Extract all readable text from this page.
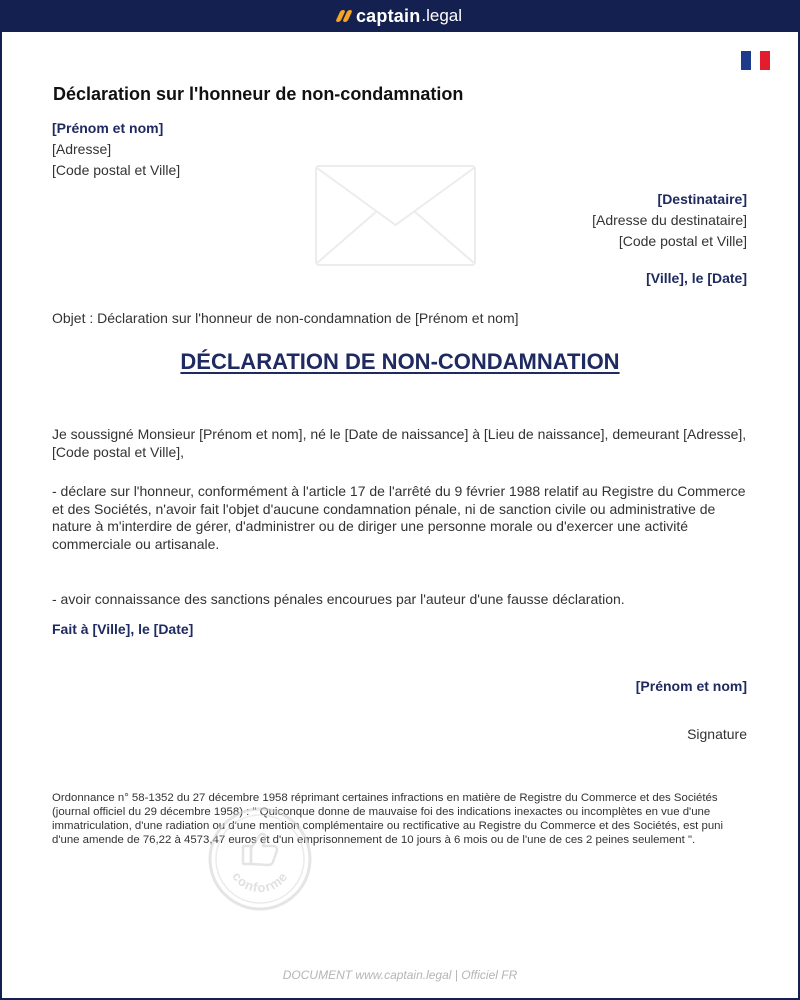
captain .legal
Déclaration sur l'honneur de non-condamnation
[Prénom et nom]
[Adresse]
[Code postal et Ville]
[Destinataire]
[Adresse du destinataire]
[Code postal et Ville]
[Ville], le [Date]
Objet : Déclaration sur l'honneur de non-condamnation de [Prénom et nom]
DÉCLARATION DE NON-CONDAMNATION
Je soussigné Monsieur [Prénom et nom], né le [Date de naissance] à [Lieu de naissance], demeurant [Adresse], [Code postal et Ville],
- déclare sur l'honneur, conformément à l'article 17 de l'arrêté du 9 février 1988 relatif au Registre du Commerce et des Sociétés, n'avoir fait l'objet d'aucune condamnation pénale, ni de sanction civile ou administrative de nature à m'interdire de gérer, d'administrer ou de diriger une personne morale ou d'exercer une activité commerciale ou artisanale.
- avoir connaissance des sanctions pénales encourues par l'auteur d'une fausse déclaration.
Fait à [Ville], le [Date]
[Prénom et nom]
Signature
Ordonnance n° 58-1352 du 27 décembre 1958 réprimant certaines infractions en matière de Registre du Commerce et des Sociétés (journal officiel du 29 décembre 1958) : " Quiconque donne de mauvaise foi des indications inexactes ou incomplètes en vue d'une immatriculation, d'une radiation ou d'une mention complémentaire ou rectificative au Registre du Commerce et des Sociétés, est puni d'une amende de 76,22 à 4573,47 euros et d'un emprisonnement de 10 jours à 6 mois ou de l'une de ces 2 peines seulement ".
conforme
DOCUMENT www.captain.legal | Officiel FR
